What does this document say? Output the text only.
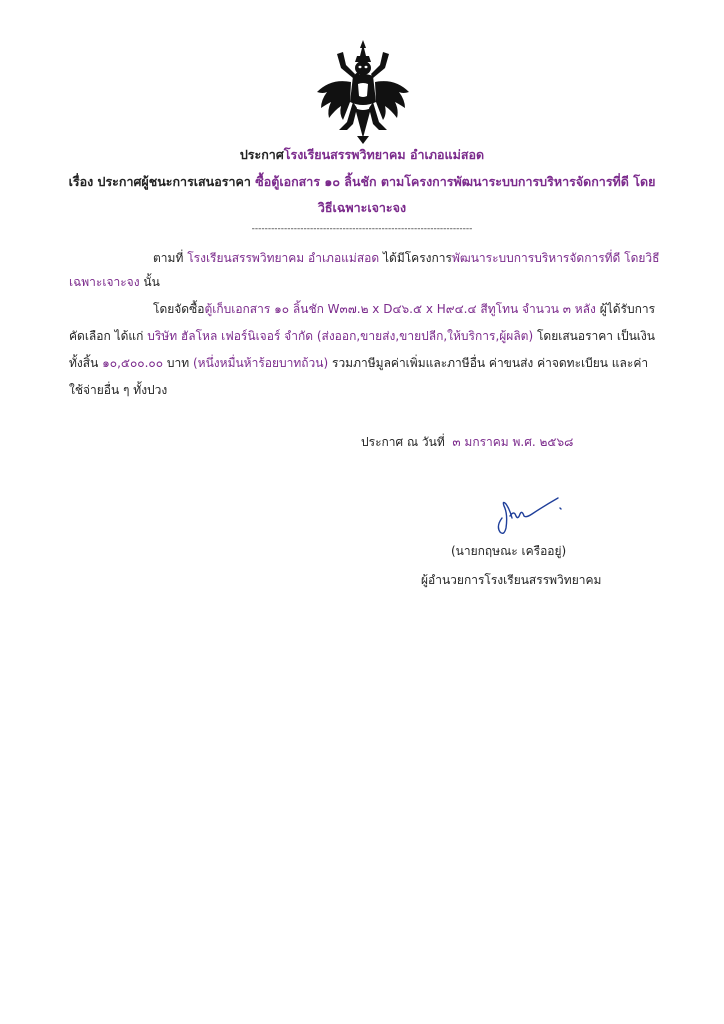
ประกาศโรงเรียนสรรพวิทยาคม อำเภอแม่สอด
เรื่อง ประกาศผู้ชนะการเสนอราคา ซื้อตู้เอกสาร ๑๐ ลิ้นชัก ตามโครงการพัฒนาระบบการบริหารจัดการที่ดี โดย
วิธีเฉพาะเจาะจง
--------------------------------------------------------------------
ตามที่ โรงเรียนสรรพวิทยาคม อำเภอแม่สอด ได้มีโครงการพัฒนาระบบการบริหารจัดการที่ดี โดยวิธี
เฉพาะเจาะจง นั้น
โดยจัดซื้อตู้เก็บเอกสาร ๑๐ ลิ้นชัก W๓๗.๒ x D๔๖.๕ x H๙๔.๔ สีทูโทน จำนวน ๓ หลัง ผู้ได้รับการ
คัดเลือก ได้แก่ บริษัท ฮัลโหล เฟอร์นิเจอร์ จำกัด (ส่งออก,ขายส่ง,ขายปลีก,ให้บริการ,ผู้ผลิต) โดยเสนอราคา เป็นเงิน
ทั้งสิ้น ๑๐,๕๐๐.๐๐ บาท (หนึ่งหมื่นห้าร้อยบาทถ้วน) รวมภาษีมูลค่าเพิ่มและภาษีอื่น ค่าขนส่ง ค่าจดทะเบียน และค่า
ใช้จ่ายอื่น ๆ ทั้งปวง
ประกาศ ณ วันที่ ๓ มกราคม พ.ศ. ๒๕๖๘
(นายกฤษณะ เครืออยู่)
ผู้อำนวยการโรงเรียนสรรพวิทยาคม
